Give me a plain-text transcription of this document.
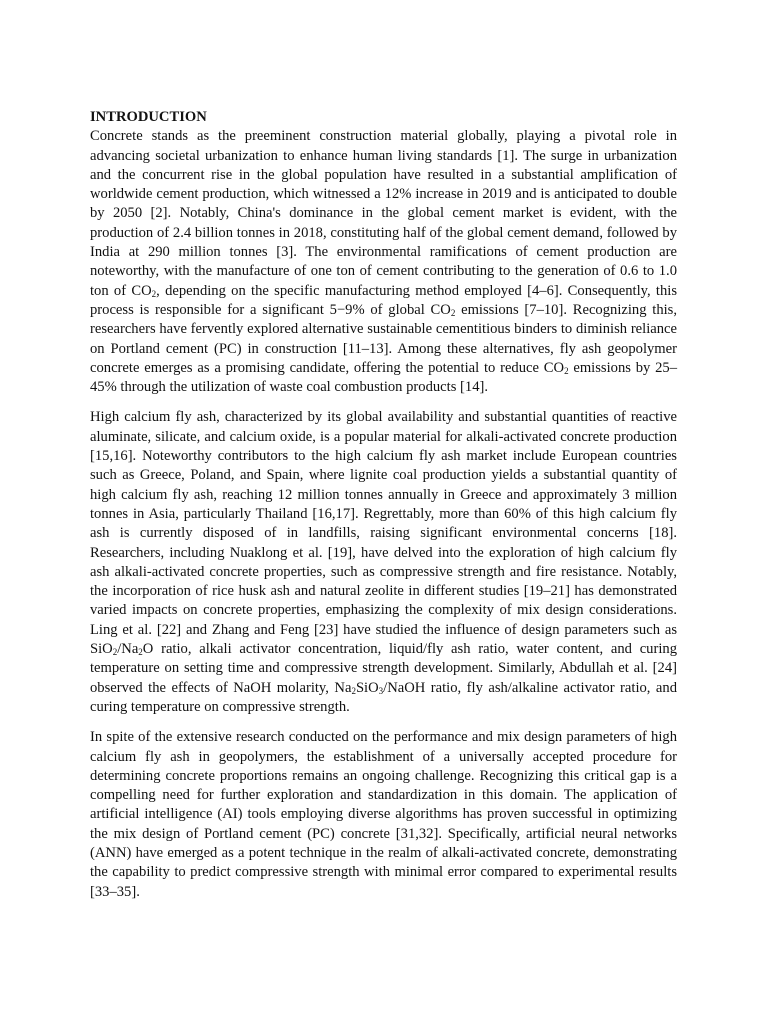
INTRODUCTION

Concrete stands as the preeminent construction material globally, playing a pivotal role in advancing societal urbanization to enhance human living standards [1]. The surge in urbanization and the concurrent rise in the global population have resulted in a substantial amplification of worldwide cement production, which witnessed a 12% increase in 2019 and is anticipated to double by 2050 [2]. Notably, China's dominance in the global cement market is evident, with the production of 2.4 billion tonnes in 2018, constituting half of the global cement demand, followed by India at 290 million tonnes [3]. The environmental ramifications of cement production are noteworthy, with the manufacture of one ton of cement contributing to the generation of 0.6 to 1.0 ton of $CO_2$, depending on the specific manufacturing method employed [4–6]. Consequently, this process is responsible for a significant 5−9% of global $CO_2$ emissions [7–10]. Recognizing this, researchers have fervently explored alternative sustainable cementitious binders to diminish reliance on Portland cement (PC) in construction [11–13]. Among these alternatives, fly ash geopolymer concrete emerges as a promising candidate, offering the potential to reduce $CO_2$ emissions by 25–45% through the utilization of waste coal combustion products [14].

High calcium fly ash, characterized by its global availability and substantial quantities of reactive aluminate, silicate, and calcium oxide, is a popular material for alkali-activated concrete production [15,16]. Noteworthy contributors to the high calcium fly ash market include European countries such as Greece, Poland, and Spain, where lignite coal production yields a substantial quantity of high calcium fly ash, reaching 12 million tonnes annually in Greece and approximately 3 million tonnes in Asia, particularly Thailand [16,17]. Regrettably, more than 60% of this high calcium fly ash is currently disposed of in landfills, raising significant environmental concerns [18]. Researchers, including Nuaklong et al. [19], have delved into the exploration of high calcium fly ash alkali-activated concrete properties, such as compressive strength and fire resistance. Notably, the incorporation of rice husk ash and natural zeolite in different studies [19–21] has demonstrated varied impacts on concrete properties, emphasizing the complexity of mix design considerations. Ling et al. [22] and Zhang and Feng [23] have studied the influence of design parameters such as $SiO_2/Na_2O$ ratio, alkali activator concentration, liquid/fly ash ratio, water content, and curing temperature on setting time and compressive strength development. Similarly, Abdullah et al. [24] observed the effects of NaOH molarity, $Na_2SiO_3$/NaOH ratio, fly ash/alkaline activator ratio, and curing temperature on compressive strength.

In spite of the extensive research conducted on the performance and mix design parameters of high calcium fly ash in geopolymers, the establishment of a universally accepted procedure for determining concrete proportions remains an ongoing challenge. Recognizing this critical gap is a compelling need for further exploration and standardization in this domain. The application of artificial intelligence (AI) tools employing diverse algorithms has proven successful in optimizing the mix design of Portland cement (PC) concrete [31,32]. Specifically, artificial neural networks (ANN) have emerged as a potent technique in the realm of alkali-activated concrete, demonstrating the capability to predict compressive strength with minimal error compared to experimental results [33–35].
